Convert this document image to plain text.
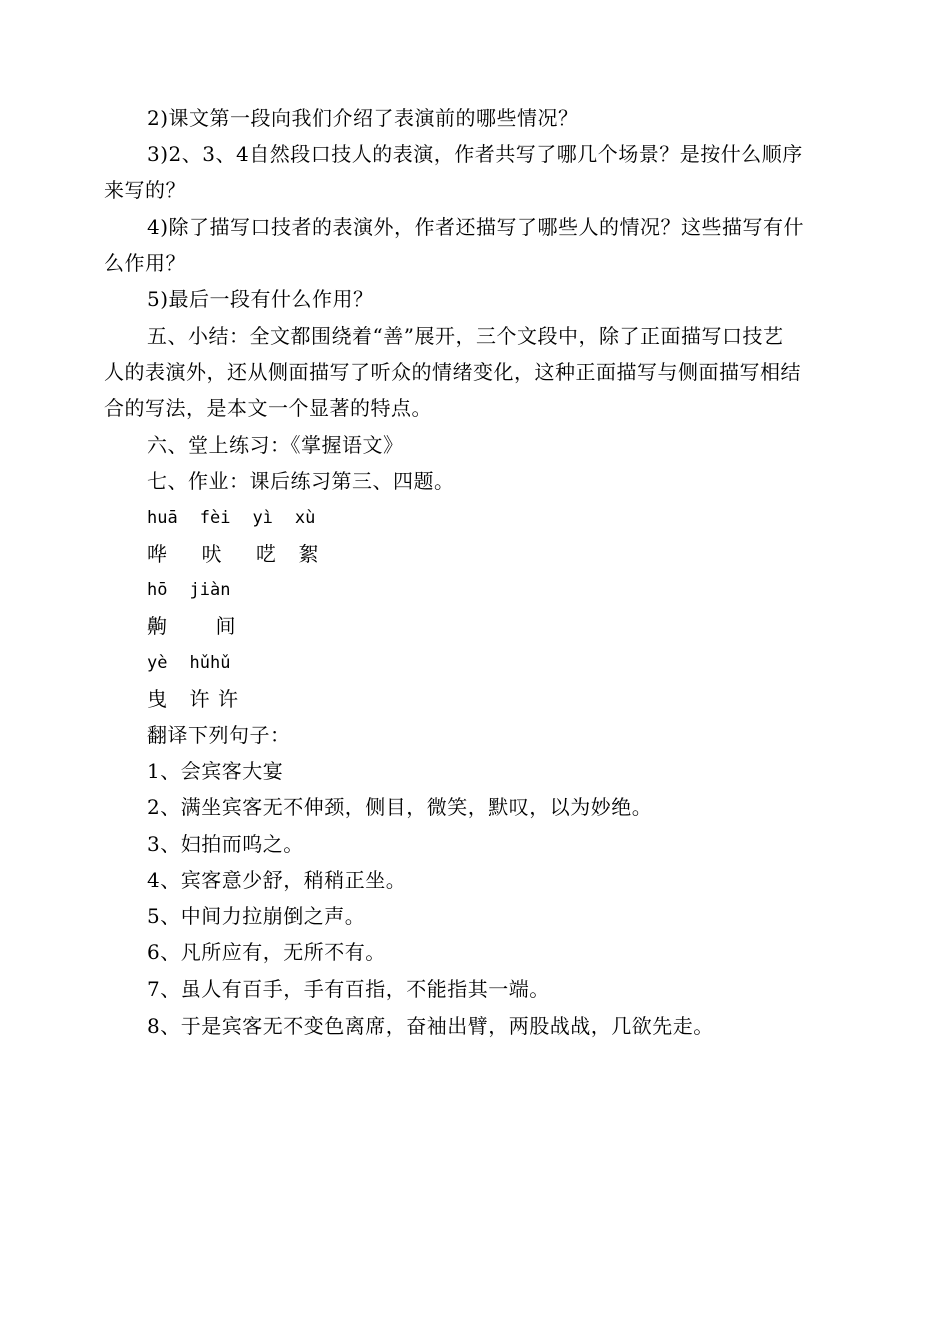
2)课文第一段向我们介绍了表演前的哪些情况？
3)2、3、4自然段口技人的表演，作者共写了哪几个场景？是按什么顺序
来写的？
4)除了描写口技者的表演外，作者还描写了哪些人的情况？这些描写有什
么作用？
5)最后一段有什么作用？
五、小结：全文都围绕着“善”展开，三个文段中，除了正面描写口技艺
人的表演外，还从侧面描写了听众的情绪变化，这种正面描写与侧面描写相结
合的写法，是本文一个显著的特点。
六、堂上练习：《掌握语文》
七、作业：课后练习第三、四题。
huā fèi yì xù
哗 吠 呓 絮
hō jiàn
齁 间
yè hǔhǔ
曳 许 许
翻译下列句子：
1、会宾客大宴
2、满坐宾客无不伸颈，侧目，微笑，默叹，以为妙绝。
3、妇拍而呜之。
4、宾客意少舒，稍稍正坐。
5、中间力拉崩倒之声。
6、凡所应有，无所不有。
7、虽人有百手，手有百指，不能指其一端。
8、于是宾客无不变色离席，奋袖出臂，两股战战，几欲先走。
